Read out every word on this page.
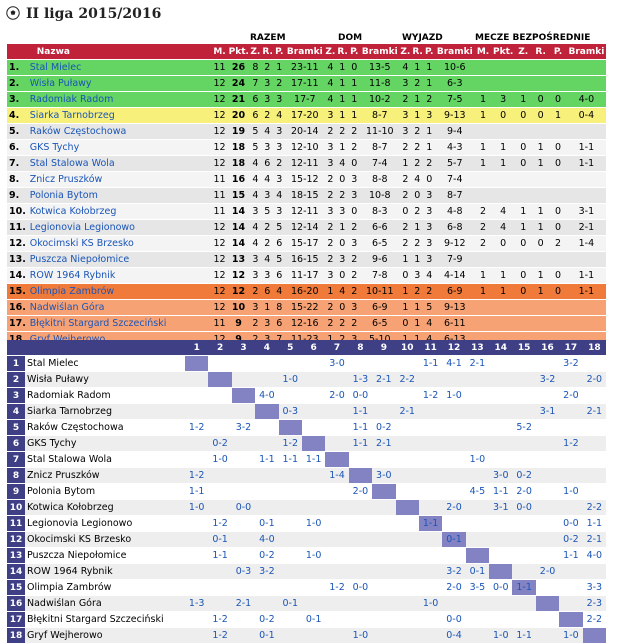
II liga 2015/2016
RAZEM	DOM	WYJAZD	MECZE BEZPOŚREDNIE
	Nazwa	M.	Pkt.	Z.	R.	P.	Bramki	Z.	R.	P.	Bramki	Z.	R.	P.	Bramki	M.	Pkt.	Z.	R.	P.	Bramki
1.	Stal Mielec	11	26	8	2	1	23-11	4	1	0	13-5	4	1	1	10-6						
2.	Wisła Puławy	12	24	7	3	2	17-11	4	1	1	11-8	3	2	1	6-3						
3.	Radomiak Radom	12	21	6	3	3	17-7	4	1	1	10-2	2	1	2	7-5	1	3	1	0	0	4-0
4.	Siarka Tarnobrzeg	12	20	6	2	4	17-20	3	1	1	8-7	3	1	3	9-13	1	0	0	0	1	0-4
5.	Raków Częstochowa	12	19	5	4	3	20-14	2	2	2	11-10	3	2	1	9-4						
6.	GKS Tychy	12	18	5	3	3	12-10	3	1	2	8-7	2	2	1	4-3	1	1	0	1	0	1-1
7.	Stal Stalowa Wola	12	18	4	6	2	12-11	3	4	0	7-4	1	2	2	5-7	1	1	0	1	0	1-1
8.	Znicz Pruszków	11	16	4	4	3	15-12	2	0	3	8-8	2	4	0	7-4						
9.	Polonia Bytom	11	15	4	3	4	18-15	2	2	3	10-8	2	0	3	8-7						
10.	Kotwica Kołobrzeg	11	14	3	5	3	12-11	3	3	0	8-3	0	2	3	4-8	2	4	1	1	0	3-1
11.	Legionovia Legionowo	12	14	4	2	5	12-14	2	1	2	6-6	2	1	3	6-8	2	4	1	1	0	2-1
12.	Okocimski KS Brzesko	12	14	4	2	6	15-17	2	0	3	6-5	2	2	3	9-12	2	0	0	0	2	1-4
13.	Puszcza Niepołomice	12	13	3	4	5	16-15	2	3	2	9-6	1	1	3	7-9						
14.	ROW 1964 Rybnik	12	12	3	3	6	11-17	3	0	2	7-8	0	3	4	4-14	1	1	0	1	0	1-1
15.	Olimpia Zambrów	12	12	2	6	4	16-20	1	4	2	10-11	1	2	2	6-9	1	1	0	1	0	1-1
16.	Nadwiślan Góra	12	10	3	1	8	15-22	2	0	3	6-9	1	1	5	9-13						
17.	Błękitni Stargard Szczeciński	11	9	2	3	6	12-16	2	2	2	6-5	0	1	4	6-11						

		1	2	3	4	5	6	7	8	9	10	11	12	13	14	15	16	17	18
1	Stal Mielec							3-0				1-1	4-1	2-1				3-2	
2	Wisła Puławy					1-0			1-3	2-1	2-2						3-2		2-0
3	Radomiak Radom				4-0			2-0	0-0			1-2	1-0					2-0	
4	Siarka Tarnobrzeg					0-3			1-1		2-1						3-1		2-1
5	Raków Częstochowa	1-2		3-2					1-1	0-2						5-2			
6	GKS Tychy		0-2			1-2			1-1	2-1								1-2	
7	Stal Stalowa Wola		1-0		1-1	1-1	1-1							1-0					
8	Znicz Pruszków	1-2						1-4		3-0					3-0	0-2			
9	Polonia Bytom	1-1							2-0					4-5	1-1	2-0		1-0	
10	Kotwica Kołobrzeg	1-0		0-0									2-0		3-1	0-0			2-2
11	Legionovia Legionowo		1-2		0-1		1-0					1-1						0-0	1-1
12	Okocimski KS Brzesko		0-1		4-0								0-1					0-2	2-1
13	Puszcza Niepołomice		1-1		0-2		1-0											1-1	4-0
14	ROW 1964 Rybnik			0-3	3-2								3-2	0-1			2-0		
15	Olimpia Zambrów							1-2	0-0				2-0	3-5	0-0	1-1			3-3
16	Nadwiślan Góra	1-3		2-1		0-1						1-0							2-3
17	Błękitni Stargard Szczeciński		1-2		0-2		0-1						0-0						2-2
18	Gryf Wejherowo		1-2		0-1				1-0				0-4		1-0	1-1		1-0	
